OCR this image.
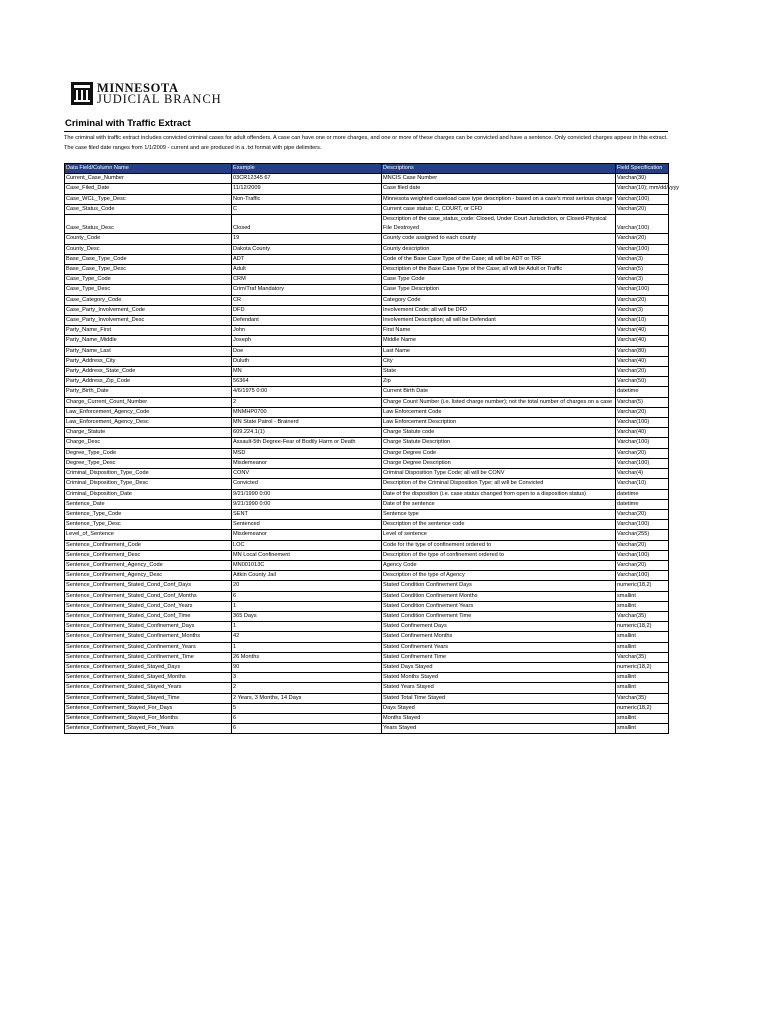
MINNESOTA
JUDICIAL BRANCH
Criminal with Traffic Extract
The criminal with traffic extract includes convicted criminal cases for adult offenders. A case can have one or more charges, and one or more of these charges can be convicted and have a sentence. Only convicted charges appear in this extract. The case filed date ranges from 1/1/2009 - current and are produced in a .txt format with pipe delimiters.
Data Field/Column Name	Example	Descriptions	Field Specification
Current_Case_Number	03CR12345 67	MNCIS Case Number	Varchar(30)
Case_Filed_Date	11/12/2009	Case filed date	Varchar(10); mm/dd/yyyy
Case_WCL_Type_Desc	Non-Traffic	Minnesota weighted caseload case type description - based on a case's most serious charge	Varchar(100)
Case_Status_Code	C	Current case status: C, COURT, or CFD	Varchar(20)
Case_Status_Desc	Closed	Description of the case_status_code: Closed, Under Court Jurisdiction, or Closed-Physical File Destroyed	Varchar(100)
County_Code	19	County code assigned to each county	Varchar(20)
County_Desc	Dakota County	County description	Varchar(100)
Base_Case_Type_Code	ADT	Code of the Base Case Type of the Case; all will be ADT or TRF	Varchar(3)
Base_Case_Type_Desc	Adult	Description of the Base Case Type of the Case; all will be Adult or Traffic	Varchar(5)
Case_Type_Code	CRM	Case Type Code	Varchar(3)
Case_Type_Desc	Crim/Traf Mandatory	Case Type Description	Varchar(100)
Case_Category_Code	CR	Category Code	Varchar(20)
Case_Party_Involvement_Code	DFD	Involvement Code; all will be DFD	Varchar(3)
Case_Party_Involvement_Desc	Defendant	Involvement Description; all will be Defendant	Varchar(10)
Party_Name_First	John	First Name	Varchar(40)
Party_Name_Middle	Joseph	Middle Name	Varchar(40)
Party_Name_Last	Doe	Last Name	Varchar(80)
Party_Address_City	Duluth	City	Varchar(40)
Party_Address_State_Code	MN	State	Varchar(20)
Party_Address_Zip_Code	56364	Zip	Varchar(50)
Party_Birth_Date	4/6/1975 0:00	Current Birth Date	datetime
Charge_Current_Count_Number	2	Charge Count Number (i.e. listed charge number); not the total number of charges on a case	Varchar(5)
Law_Enforcement_Agency_Code	MNMHP0700	Law Enforcement Code	Varchar(20)
Law_Enforcement_Agency_Desc	MN State Patrol - Brainerd	Law Enforcement Description	Varchar(100)
Charge_Statute	609.224.1(1)	Charge Statute code	Varchar(40)
Charge_Desc	Assault-5th Degree-Fear of Bodily Harm or Death	Charge Statute Description	Varchar(100)
Degree_Type_Code	MSD	Charge Degree Code	Varchar(20)
Degree_Type_Desc	Misdemeanor	Charge Degree Description	Varchar(100)
Criminal_Disposition_Type_Code	CONV	Criminal Disposition Type Code; all will be CONV	Varchar(4)
Criminal_Disposition_Type_Desc	Convicted	Description of the Criminal Disposition Type; all will be Convicted	Varchar(10)
Criminal_Disposition_Date	9/21/1990 0:00	Date of the disposition (i.e. case status changed from open to a disposition status)	datetime
Sentence_Date	9/21/1990 0:00	Date of the sentence	datetime
Sentence_Type_Code	SENT	Sentence type	Varchar(20)
Sentence_Type_Desc	Sentenced	Description of the sentence code	Varchar(100)
Level_of_Sentence	Misdemeanor	Level of sentence	Varchar(255)
Sentence_Confinement_Code	LOC	Code for the type of confinement ordered to	Varchar(20)
Sentence_Confinement_Desc	MN Local Confinement	Description of the type of confinement ordered to	Varchar(100)
Sentence_Confinement_Agency_Code	MN001013C	Agency Code	Varchar(20)
Sentence_Confinement_Agency_Desc	Aitkin County Jail	Description of the type of Agency	Varchar(100)
Sentence_Confinement_Stated_Cond_Conf_Days	20	Stated Condition Confinement Days	numeric(18,2)
Sentence_Confinement_Stated_Cond_Conf_Months	6	Stated Condition Confinement Months	smallint
Sentence_Confinement_Stated_Cond_Conf_Years	1	Stated Condition Confinement Years	smallint
Sentence_Confinement_Stated_Cond_Conf_Time	365 Days	Stated Condition Confinement Time	Varchar(35)
Sentence_Confinement_Stated_Confinement_Days	1	Stated Confinement Days	numeric(18,2)
Sentence_Confinement_Stated_Confinement_Months	42	Stated Confinement Months	smallint
Sentence_Confinement_Stated_Confinement_Years	1	Stated Confinement Years	smallint
Sentence_Confinement_Stated_Confinement_Time	26 Months	Stated Confinement Time	Varchar(35)
Sentence_Confinement_Stated_Stayed_Days	90	Stated Days Stayed	numeric(18,2)
Sentence_Confinement_Stated_Stayed_Months	3	Stated Months Stayed	smallint
Sentence_Confinement_Stated_Stayed_Years	2	Stated Years Stayed	smallint
Sentence_Confinement_Stated_Stayed_Time	2 Years, 3 Months, 14 Days	Stated Total Time Stayed	Varchar(35)
Sentence_Confinement_Stayed_For_Days	5	Days Stayed	numeric(18,2)
Sentence_Confinement_Stayed_For_Months	6	Months Stayed	smallint
Sentence_Confinement_Stayed_For_Years	6	Years Stayed	smallint
